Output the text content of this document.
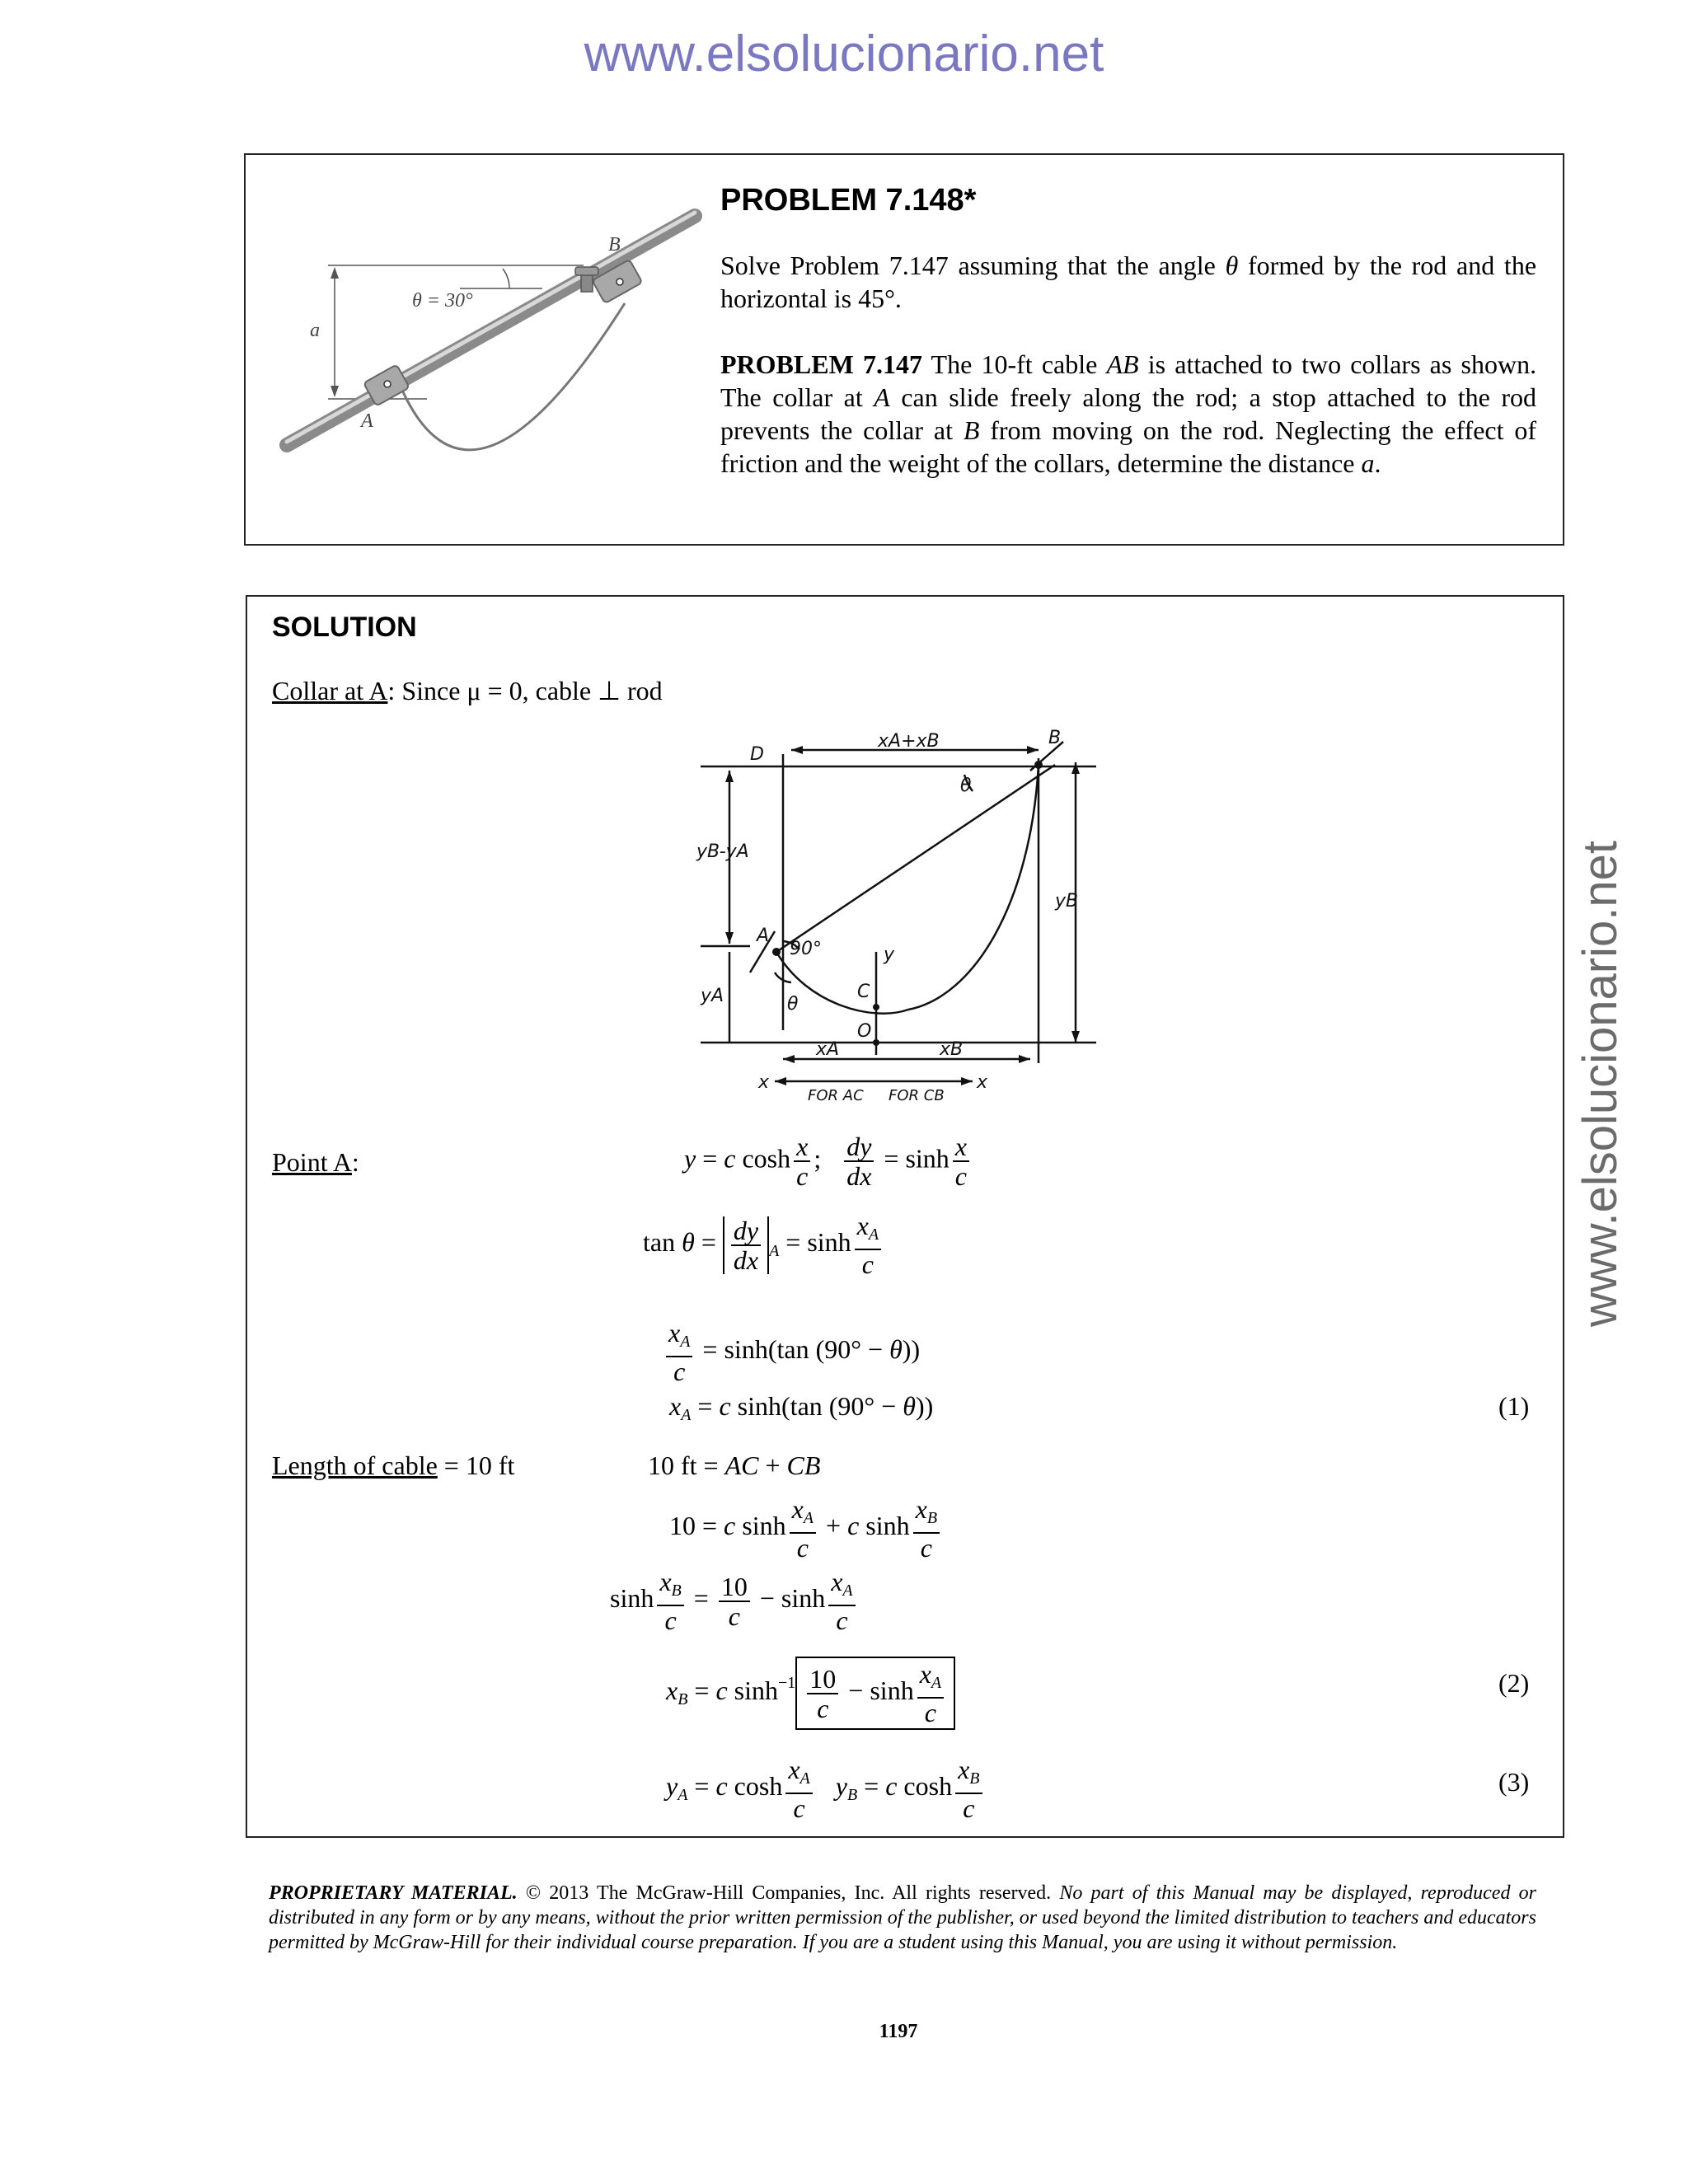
www.elsolucionario.net
www.elsolucionario.net
B
A
a
θ = 30°
PROBLEM 7.148*
Solve Problem 7.147 assuming that the angle θ formed by the rod and the horizontal is 45°.
PROBLEM 7.147 The 10-ft cable AB is attached to two collars as shown. The collar at A can slide freely along the rod; a stop attached to the rod prevents the collar at B from moving on the rod. Neglecting the effect of friction and the weight of the collars, determine the distance a.
SOLUTION
Collar at A: Since μ = 0, cable ⊥ rod
D
xA+xB	B
θ
yB-yA
yB
A
90°	y
yA	C
θ
O
xA	xB
x	x
FOR AC FOR CB
Point A:	y = c $\cosh \frac{x}{c}$ ; $\frac{dy}{dx} = \sinh \frac{x}{c}$
$\tan \theta = \frac{dy}{dx} _A = \sinh \frac{x_A}{c}$
$\frac{x_A}{c} = \sinh(\tan$ (90° − θ))
$x_A = c$ sinh(tan (90° − θ))	(1)
Length of cable = 10 ft	10 ft = AC + CB
10 = c $\sinh \frac{x_A}{c} + c$ $\sinh \frac{x_B}{c}$
$\sinh \frac{x_B}{c} = \frac{10}{c} - \sinh \frac{x_A}{c}$
$x_B = c$ $\sinh^{-1} \frac{10}{c} - \sinh \frac{x_A}{c}$	(2)
$y_A = c$ $\cosh \frac{x_A}{c} y_B = c$ $\cosh \frac{x_B}{c}$	(3)
PROPRIETARY MATERIAL. © 2013 The McGraw-Hill Companies, Inc. All rights reserved. No part of this Manual may be displayed, reproduced or distributed in any form or by any means, without the prior written permission of the publisher, or used beyond the limited distribution to teachers and educators permitted by McGraw-Hill for their individual course preparation. If you are a student using this Manual, you are using it without permission.
1197
